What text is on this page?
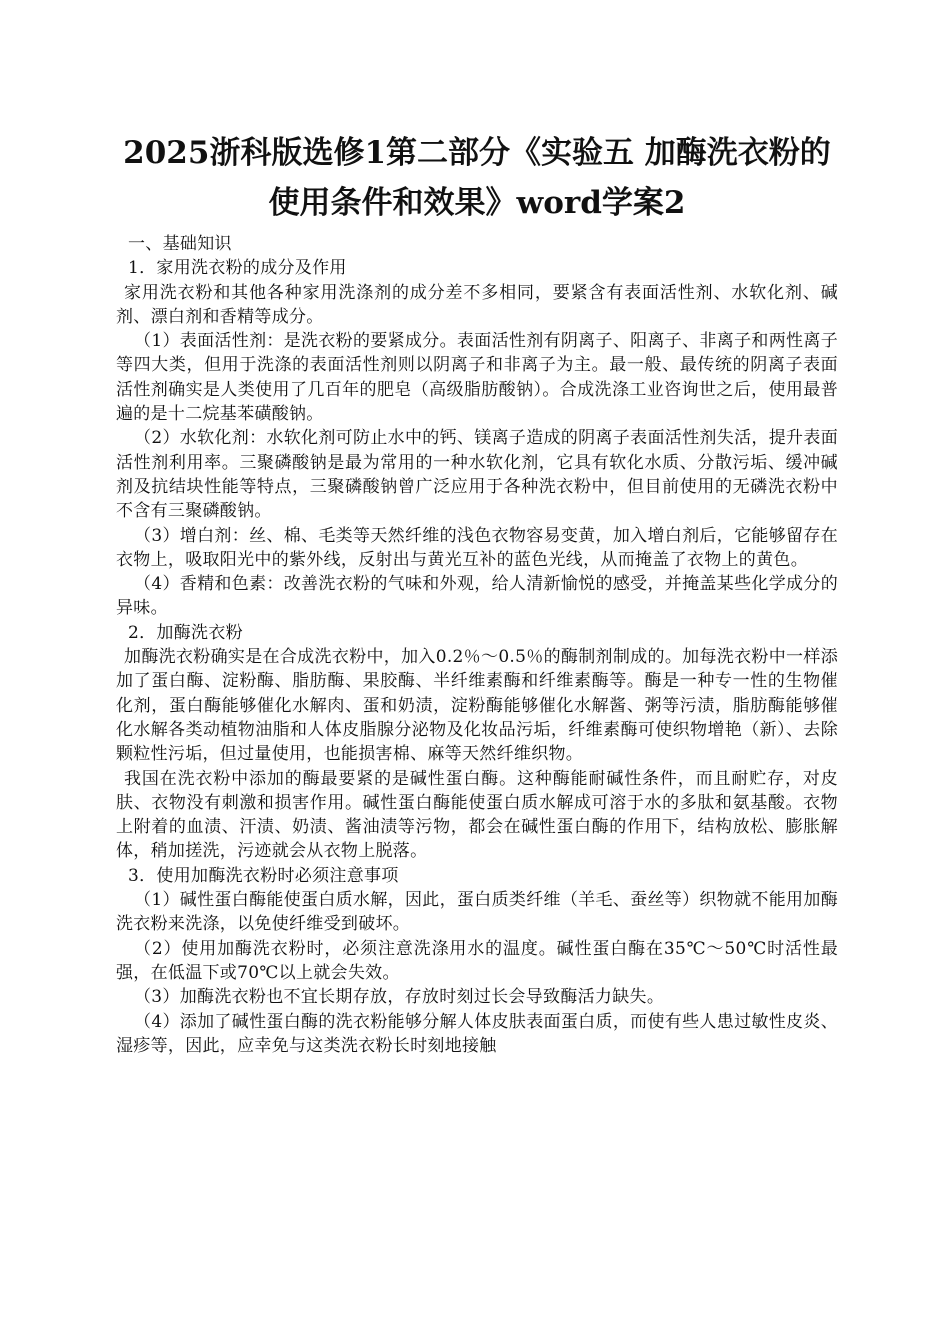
2025浙科版选修1第二部分《实验五 加酶洗衣粉的使用条件和效果》word学案2

一、基础知识

1．家用洗衣粉的成分及作用

家用洗衣粉和其他各种家用洗涤剂的成分差不多相同，要紧含有表面活性剂、水软化剂、碱剂、漂白剂和香精等成分。

（1）表面活性剂：是洗衣粉的要紧成分。表面活性剂有阴离子、阳离子、非离子和两性离子等四大类，但用于洗涤的表面活性剂则以阴离子和非离子为主。最一般、最传统的阴离子表面活性剂确实是人类使用了几百年的肥皂（高级脂肪酸钠）。合成洗涤工业咨询世之后，使用最普遍的是十二烷基苯磺酸钠。

（2）水软化剂：水软化剂可防止水中的钙、镁离子造成的阴离子表面活性剂失活，提升表面活性剂利用率。三聚磷酸钠是最为常用的一种水软化剂，它具有软化水质、分散污垢、缓冲碱剂及抗结块性能等特点，三聚磷酸钠曾广泛应用于各种洗衣粉中，但目前使用的无磷洗衣粉中不含有三聚磷酸钠。

（3）增白剂：丝、棉、毛类等天然纤维的浅色衣物容易变黄，加入增白剂后，它能够留存在衣物上，吸取阳光中的紫外线，反射出与黄光互补的蓝色光线，从而掩盖了衣物上的黄色。

（4）香精和色素：改善洗衣粉的气味和外观，给人清新愉悦的感受，并掩盖某些化学成分的异味。

2．加酶洗衣粉

加酶洗衣粉确实是在合成洗衣粉中，加入0.2％～0.5％的酶制剂制成的。加每洗衣粉中一样添加了蛋白酶、淀粉酶、脂肪酶、果胶酶、半纤维素酶和纤维素酶等。酶是一种专一性的生物催化剂，蛋白酶能够催化水解肉、蛋和奶渍，淀粉酶能够催化水解酱、粥等污渍，脂肪酶能够催化水解各类动植物油脂和人体皮脂腺分泌物及化妆品污垢，纤维素酶可使织物增艳（新）、去除颗粒性污垢，但过量使用，也能损害棉、麻等天然纤维织物。

我国在洗衣粉中添加的酶最要紧的是碱性蛋白酶。这种酶能耐碱性条件，而且耐贮存，对皮肤、衣物没有刺激和损害作用。碱性蛋白酶能使蛋白质水解成可溶于水的多肽和氨基酸。衣物上附着的血渍、汗渍、奶渍、酱油渍等污物，都会在碱性蛋白酶的作用下，结构放松、膨胀解体，稍加搓洗，污迹就会从衣物上脱落。

3．使用加酶洗衣粉时必须注意事项

（1）碱性蛋白酶能使蛋白质水解，因此，蛋白质类纤维（羊毛、蚕丝等）织物就不能用加酶洗衣粉来洗涤，以免使纤维受到破坏。

（2）使用加酶洗衣粉时，必须注意洗涤用水的温度。碱性蛋白酶在35℃～50℃时活性最强，在低温下或70℃以上就会失效。

（3）加酶洗衣粉也不宜长期存放，存放时刻过长会导致酶活力缺失。

（4）添加了碱性蛋白酶的洗衣粉能够分解人体皮肤表面蛋白质，而使有些人患过敏性皮炎、湿疹等，因此，应幸免与这类洗衣粉长时刻地接触
